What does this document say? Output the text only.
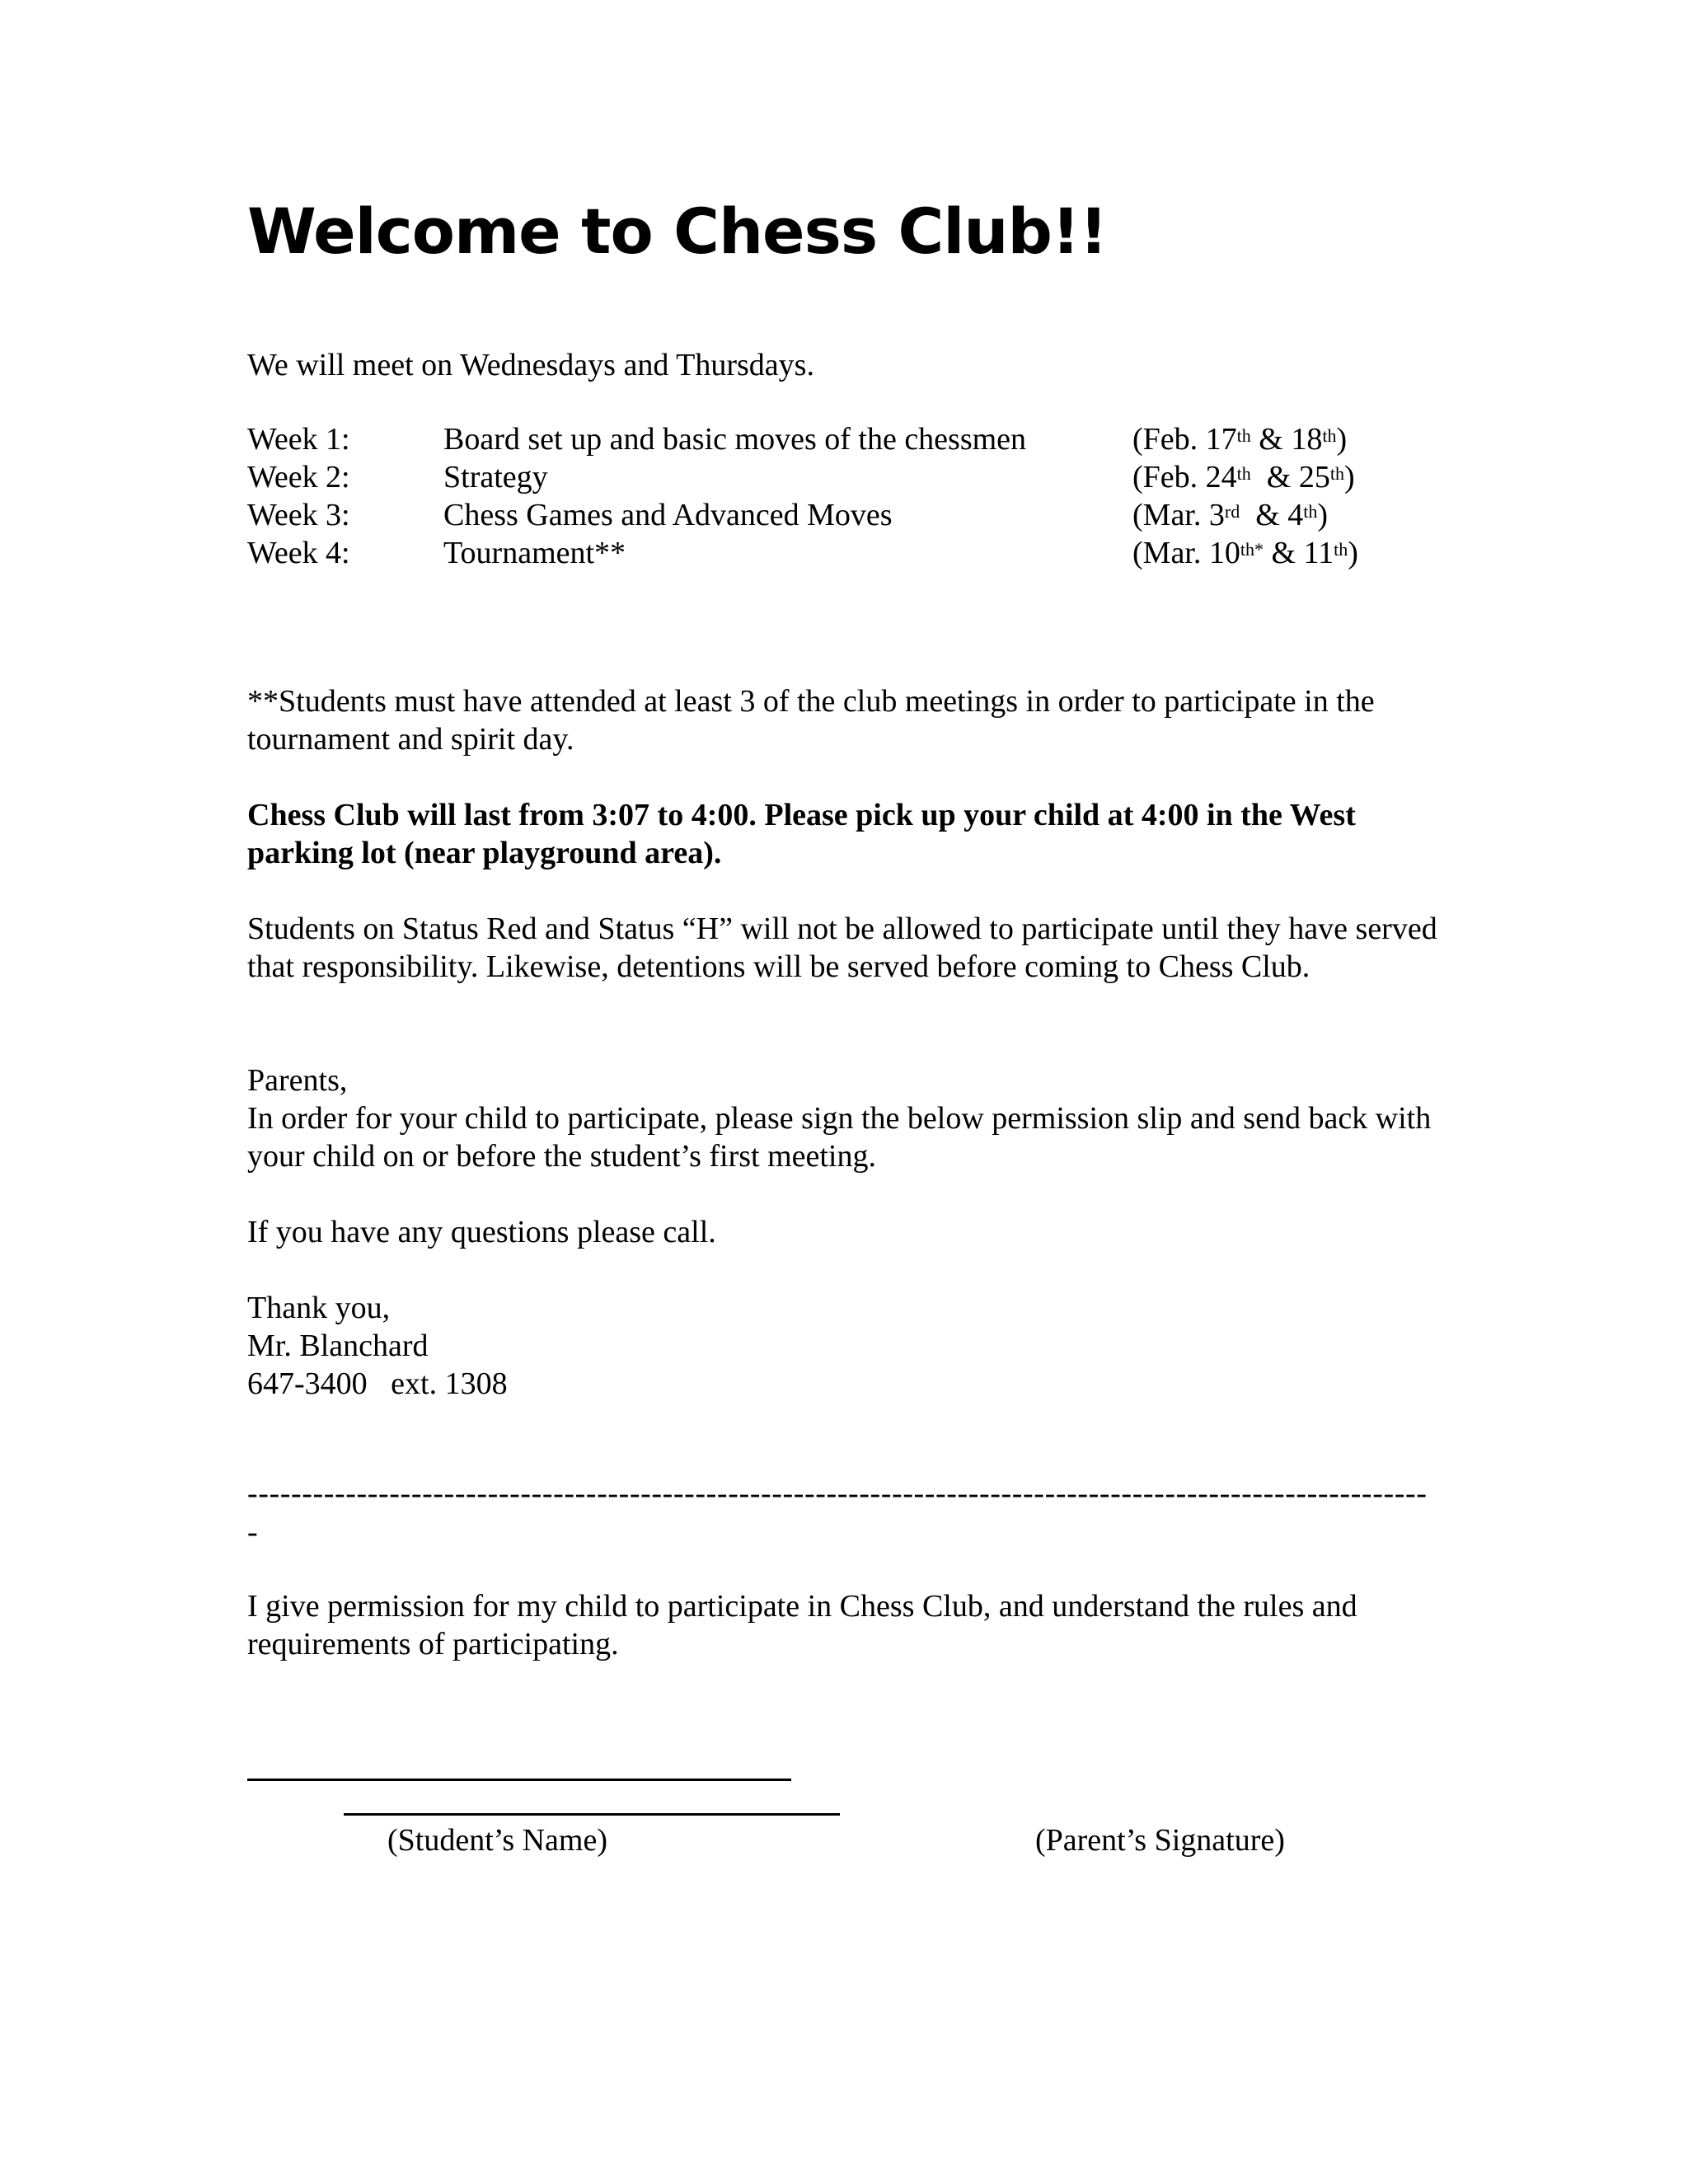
Welcome to Chess Club!!
We will meet on Wednesdays and Thursdays.
Week 1:	Board set up and basic moves of the chessmen	(Feb. 17th & 18th)
Week 2:	Strategy	(Feb. 24th  & 25th)
Week 3:	Chess Games and Advanced Moves	(Mar. 3rd  & 4th)
Week 4:	Tournament**	(Mar. $10^{th*}$ & 11th)
**Students must have attended at least 3 of the club meetings in order to participate in the tournament and spirit day.
Chess Club will last from 3:07 to 4:00. Please pick up your child at 4:00 in the West parking lot (near playground area).
Students on Status Red and Status “H” will not be allowed to participate until they have served that responsibility. Likewise, detentions will be served before coming to Chess Club.
Parents,
In order for your child to participate, please sign the below permission slip and send back with your child on or before the student’s first meeting.
If you have any questions please call.
Thank you,
Mr. Blanchard
647-3400   ext. 1308
------------------------------------------------------------------------------------------------------------
-
I give permission for my child to participate in Chess Club, and understand the rules and requirements of participating.
(Student’s Name)	(Parent’s Signature)
